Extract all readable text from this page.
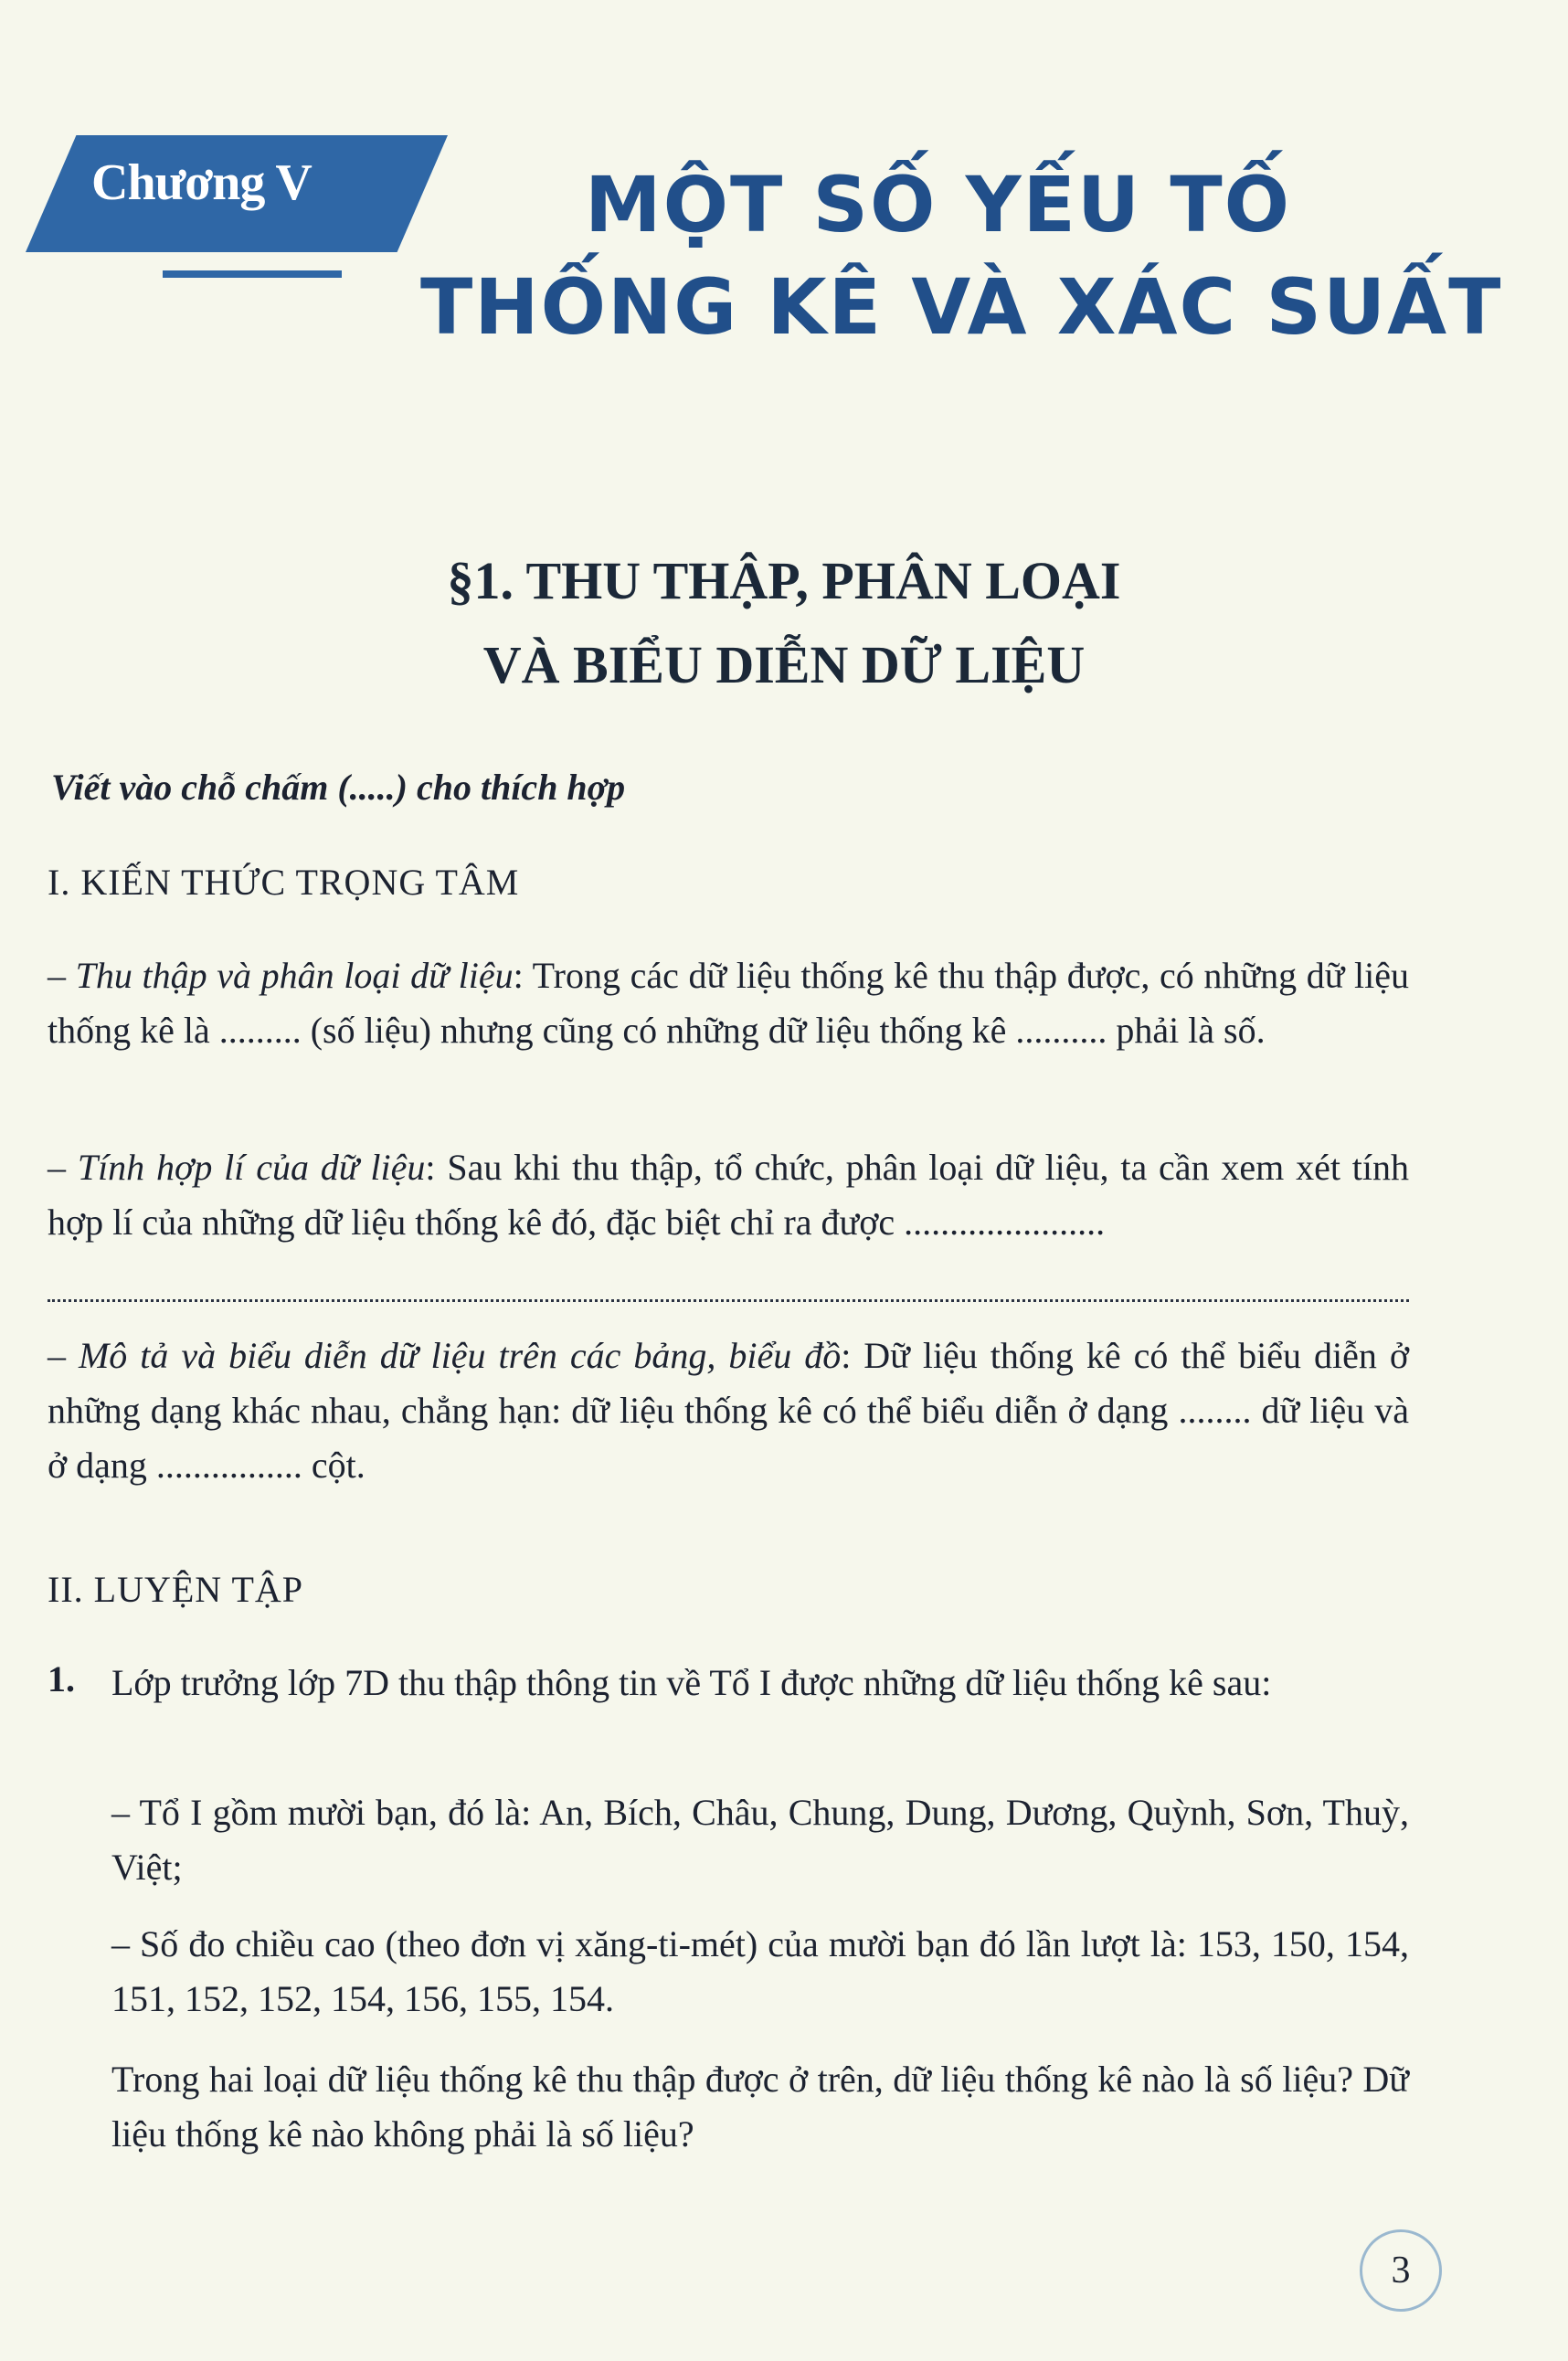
Chương V	MỘT SỐ YẾU TỐ
THỐNG KÊ VÀ XÁC SUẤT
§1. THU THẬP, PHÂN LOẠI
VÀ BIỂU DIỄN DỮ LIỆU
Viết vào chỗ chấm (.....) cho thích hợp
I. KIẾN THỨC TRỌNG TÂM
– Thu thập và phân loại dữ liệu: Trong các dữ liệu thống kê thu thập được, có những dữ liệu thống kê là ......... (số liệu) nhưng cũng có những dữ liệu thống kê .......... phải là số.
– Tính hợp lí của dữ liệu: Sau khi thu thập, tổ chức, phân loại dữ liệu, ta cần xem xét tính hợp lí của những dữ liệu thống kê đó, đặc biệt chỉ ra được ......................
– Mô tả và biểu diễn dữ liệu trên các bảng, biểu đồ: Dữ liệu thống kê có thể biểu diễn ở những dạng khác nhau, chẳng hạn: dữ liệu thống kê có thể biểu diễn ở dạng ........ dữ liệu và ở dạng ................ cột.
II. LUYỆN TẬP
1. Lớp trưởng lớp 7D thu thập thông tin về Tổ I được những dữ liệu thống kê sau:
– Tổ I gồm mười bạn, đó là: An, Bích, Châu, Chung, Dung, Dương, Quỳnh, Sơn, Thuỳ, Việt;
– Số đo chiều cao (theo đơn vị xăng-ti-mét) của mười bạn đó lần lượt là: 153, 150, 154, 151, 152, 152, 154, 156, 155, 154.
Trong hai loại dữ liệu thống kê thu thập được ở trên, dữ liệu thống kê nào là số liệu? Dữ liệu thống kê nào không phải là số liệu?
3
